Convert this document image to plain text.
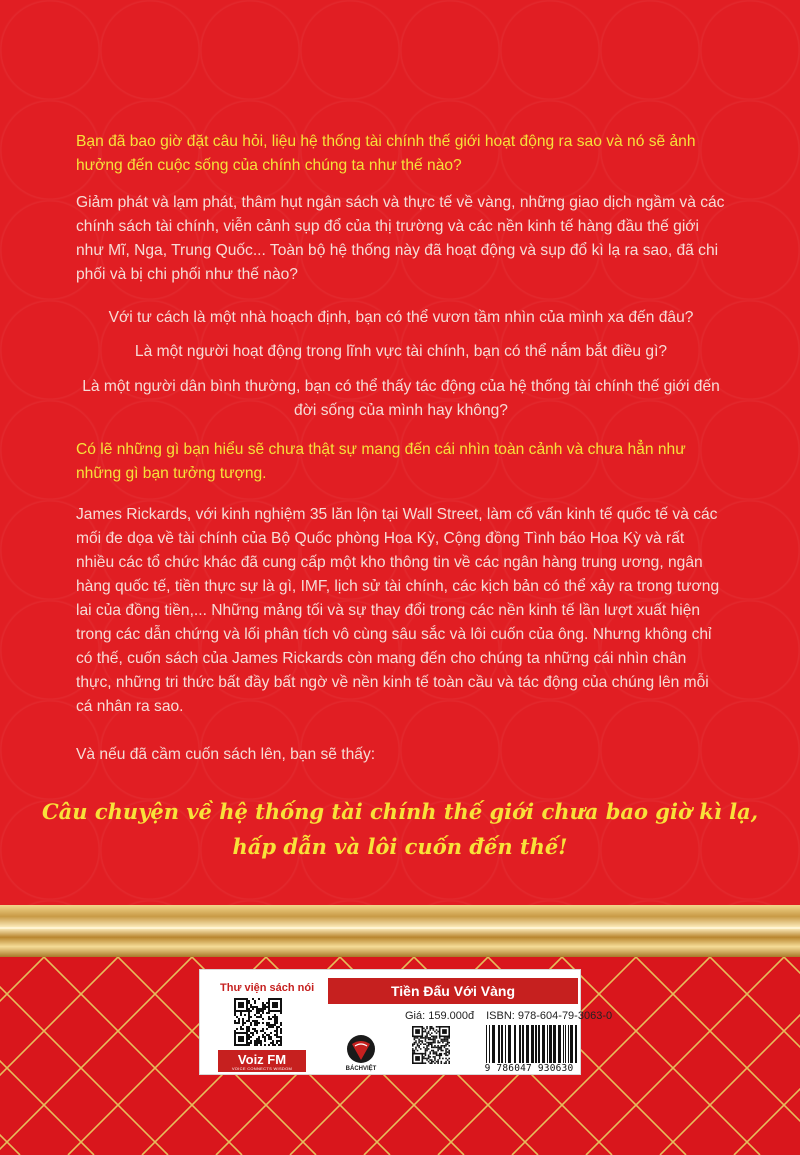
Bạn đã bao giờ đặt câu hỏi, liệu hệ thống tài chính thế giới hoạt động ra sao và nó sẽ ảnh hưởng đến cuộc sống của chính chúng ta như thế nào?

Giảm phát và lạm phát, thâm hụt ngân sách và thực tế về vàng, những giao dịch ngầm và các chính sách tài chính, viễn cảnh sụp đổ của thị trường và các nền kinh tế hàng đầu thế giới như Mĩ, Nga, Trung Quốc... Toàn bộ hệ thống này đã hoạt động và sụp đổ kì lạ ra sao, đã chi phối và bị chi phối như thế nào?

Với tư cách là một nhà hoạch định, bạn có thể vươn tầm nhìn của mình xa đến đâu?

Là một người hoạt động trong lĩnh vực tài chính, bạn có thể nắm bắt điều gì?

Là một người dân bình thường, bạn có thể thấy tác động của hệ thống tài chính thế giới đến đời sống của mình hay không?

Có lẽ những gì bạn hiểu sẽ chưa thật sự mang đến cái nhìn toàn cảnh và chưa hẳn như những gì bạn tưởng tượng.

James Rickards, với kinh nghiệm 35 lăn lộn tại Wall Street, làm cố vấn kinh tế quốc tế và các mối đe dọa về tài chính của Bộ Quốc phòng Hoa Kỳ, Cộng đồng Tình báo Hoa Kỳ và rất nhiều các tổ chức khác đã cung cấp một kho thông tin về các ngân hàng trung ương, ngân hàng quốc tế, tiền thực sự là gì, IMF, lịch sử tài chính, các kịch bản có thể xảy ra trong tương lai của đồng tiền,... Những mảng tối và sự thay đổi trong các nền kinh tế lần lượt xuất hiện trong các dẫn chứng và lối phân tích vô cùng sâu sắc và lôi cuốn của ông. Nhưng không chỉ có thế, cuốn sách của James Rickards còn mang đến cho chúng ta những cái nhìn chân thực, những tri thức bất đầy bất ngờ về nền kinh tế toàn cầu và tác động của chúng lên mỗi cá nhân ra sao.

Và nếu đã cầm cuốn sách lên, bạn sẽ thấy:

Câu chuyện về hệ thống tài chính thế giới chưa bao giờ kì lạ,

hấp dẫn và lôi cuốn đến thế!

Thư viện sách nói
Voiz FM
VOICE CONNECTS WISDOM
Tiền Đấu Với Vàng
BÁCHVIỆT
Giá: 159.000đ ISBN: 978-604-79-3063-0
9 786047 930630
